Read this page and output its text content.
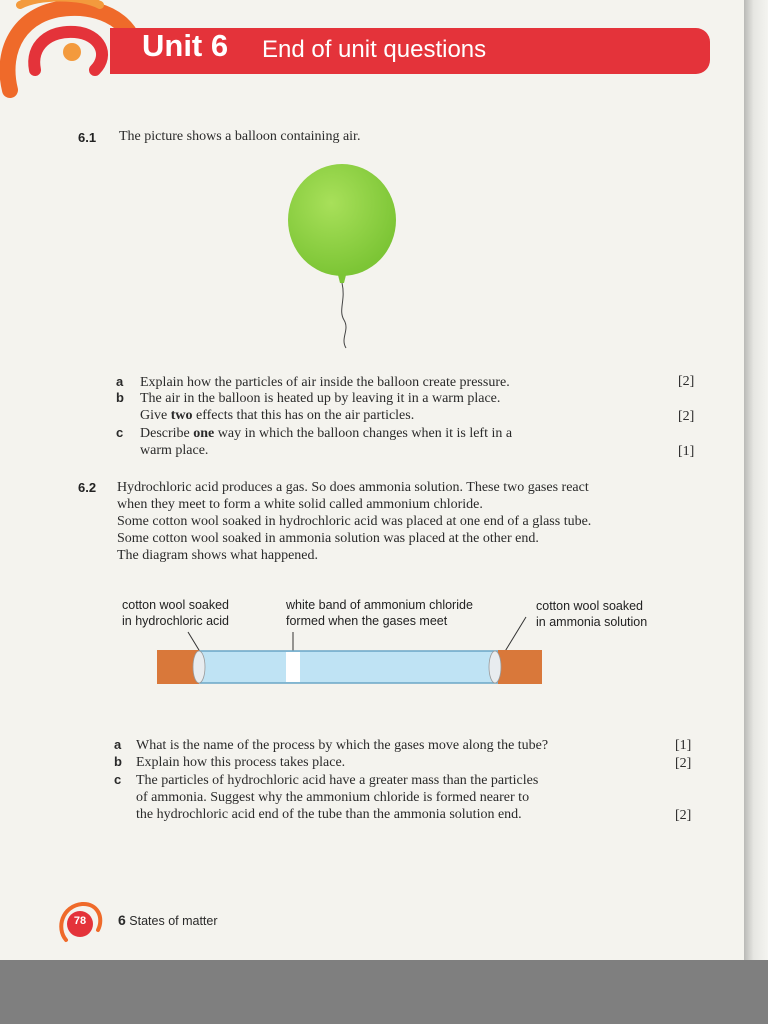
Unit 6 End of unit questions
6.1 The picture shows a balloon containing air.
a Explain how the particles of air inside the balloon create pressure.	[2]
b The air in the balloon is heated up by leaving it in a warm place.
Give two effects that this has on the air particles.	[2]
c Describe one way in which the balloon changes when it is left in a
warm place.	[1]
6.2 Hydrochloric acid produces a gas. So does ammonia solution. These two gases react
when they meet to form a white solid called ammonium chloride.
Some cotton wool soaked in hydrochloric acid was placed at one end of a glass tube.
Some cotton wool soaked in ammonia solution was placed at the other end.
The diagram shows what happened.
cotton wool soaked
in hydrochloric acid
white band of ammonium chloride
formed when the gases meet
cotton wool soaked
in ammonia solution
a What is the name of the process by which the gases move along the tube?	[1]
b Explain how this process takes place.	[2]
c The particles of hydrochloric acid have a greater mass than the particles
of ammonia. Suggest why the ammonium chloride is formed nearer to
the hydrochloric acid end of the tube than the ammonia solution end.	[2]
78	6 States of matter
